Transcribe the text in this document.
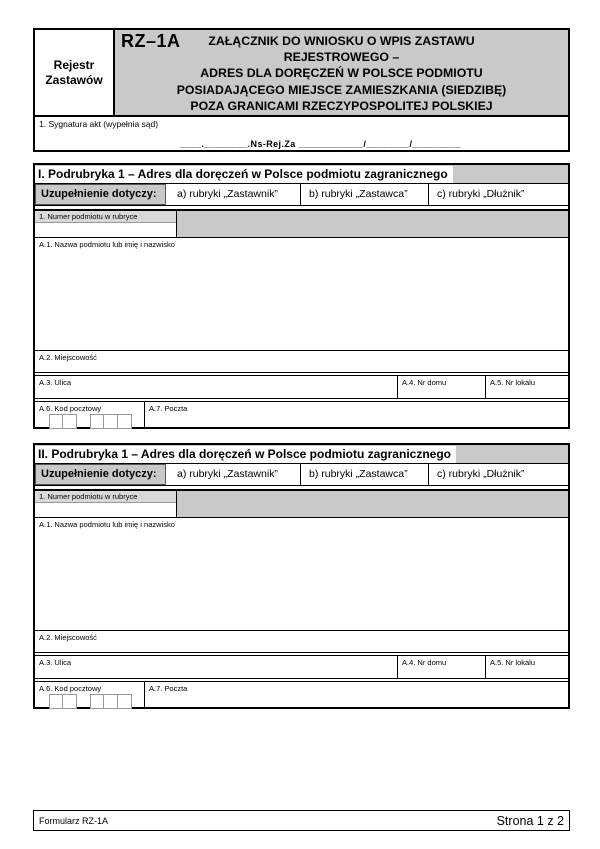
Rejestr Zastawów
RZ–1A	ZAŁĄCZNIK DO WNIOSKU O WPIS ZASTAWU
REJESTROWEGO –
ADRES DLA DORĘCZEŃ W POLSCE PODMIOTU
POSIADAJĄCEGO MIEJSCE ZAMIESZKANIA (SIEDZIBĘ)
POZA GRANICAMI RZECZYPOSPOLITEJ POLSKIEJ
1. Sygnatura akt (wypełnia sąd)
____.________.Ns-Rej.Za ____________/________/_________
I. Podrubryka 1 – Adres dla doręczeń w Polsce podmiotu zagranicznego
Uzupełnienie dotyczy:	a) rubryki „Zastawnik”	b) rubryki „Zastawca”	c) rubryki „Dłużnik”
1. Numer podmiotu w rubryce
A.1. Nazwa podmiotu lub imię i nazwisko
A.2. Miejscowość
A.3. Ulica	A.4. Nr domu	A.5. Nr lokalu
A.6. Kod pocztowy	A.7. Poczta
II. Podrubryka 1 – Adres dla doręczeń w Polsce podmiotu zagranicznego
Uzupełnienie dotyczy:	a) rubryki „Zastawnik”	b) rubryki „Zastawca”	c) rubryki „Dłużnik”
1. Numer podmiotu w rubryce
A.1. Nazwa podmiotu lub imię i nazwisko
A.2. Miejscowość
A.3. Ulica	A.4. Nr domu	A.5. Nr lokalu
A.6. Kod pocztowy	A.7. Poczta
Formularz RZ-1A	Strona 1 z 2
